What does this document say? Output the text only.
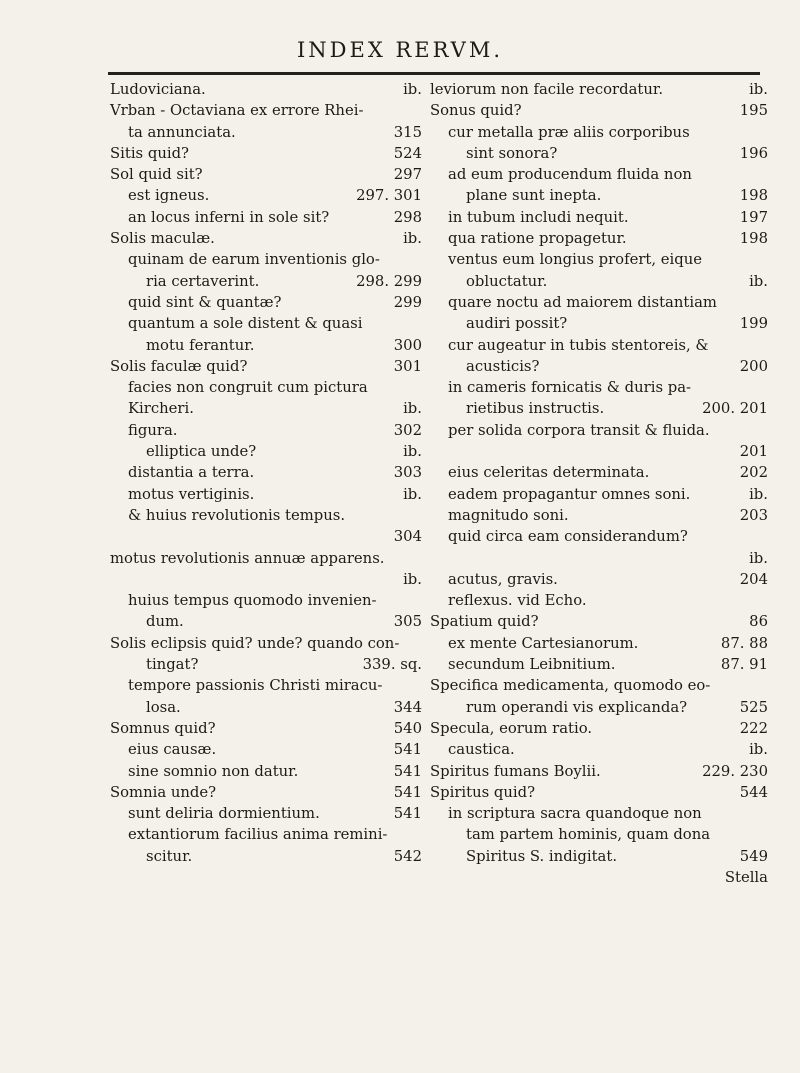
INDEX RERVM.
Ludoviciana.	ib.
Vrban - Octaviana ex errore Rhei-
ta annunciata.	315
Sitis quid?	524
Sol quid sit?	297
est igneus.	297. 301
an locus inferni in sole sit?	298
Solis maculæ.	ib.
quinam de earum inventionis glo-
ria certaverint.	298. 299
quid sint & quantæ?	299
quantum a sole distent & quasi
motu ferantur.	300
Solis faculæ quid?	301
facies non congruit cum pictura
Kircheri.	ib.
figura.	302
elliptica unde?	ib.
distantia a terra.	303
motus vertiginis.	ib.
& huius revolutionis tempus.
304
motus revolutionis annuæ apparens.
ib.
huius tempus quomodo invenien-
dum.	305
Solis eclipsis quid? unde? quando con-
tingat?	339. sq.
tempore passionis Christi miracu-
losa.	344
Somnus quid?	540
eius causæ.	541
sine somnio non datur.	541
Somnia unde?	541
sunt deliria dormientium.	541
extantiorum facilius anima remini-
scitur.	542
leviorum non facile recordatur.	ib.
Sonus quid?	195
cur metalla præ aliis corporibus
sint sonora?	196
ad eum producendum fluida non
plane sunt inepta.	198
in tubum includi nequit.	197
qua ratione propagetur.	198
ventus eum longius profert, eique
obluctatur.	ib.
quare noctu ad maiorem distantiam
audiri possit?	199
cur augeatur in tubis stentoreis, &
acusticis?	200
in cameris fornicatis & duris pa-
rietibus instructis.	200. 201
per solida corpora transit & fluida.
201
eius celeritas determinata.	202
eadem propagantur omnes soni.	ib.
magnitudo soni.	203
quid circa eam considerandum?
ib.
acutus, gravis.	204
reflexus. vid Echo.
Spatium quid?	86
ex mente Cartesianorum.	87. 88
secundum Leibnitium.	87. 91
Specifica medicamenta, quomodo eo-
rum operandi vis explicanda?	525
Specula, eorum ratio.	222
caustica.	ib.
Spiritus fumans Boylii.	229. 230
Spiritus quid?	544
in scriptura sacra quandoque non
tam partem hominis, quam dona
Spiritus S. indigitat.	549
Stella
